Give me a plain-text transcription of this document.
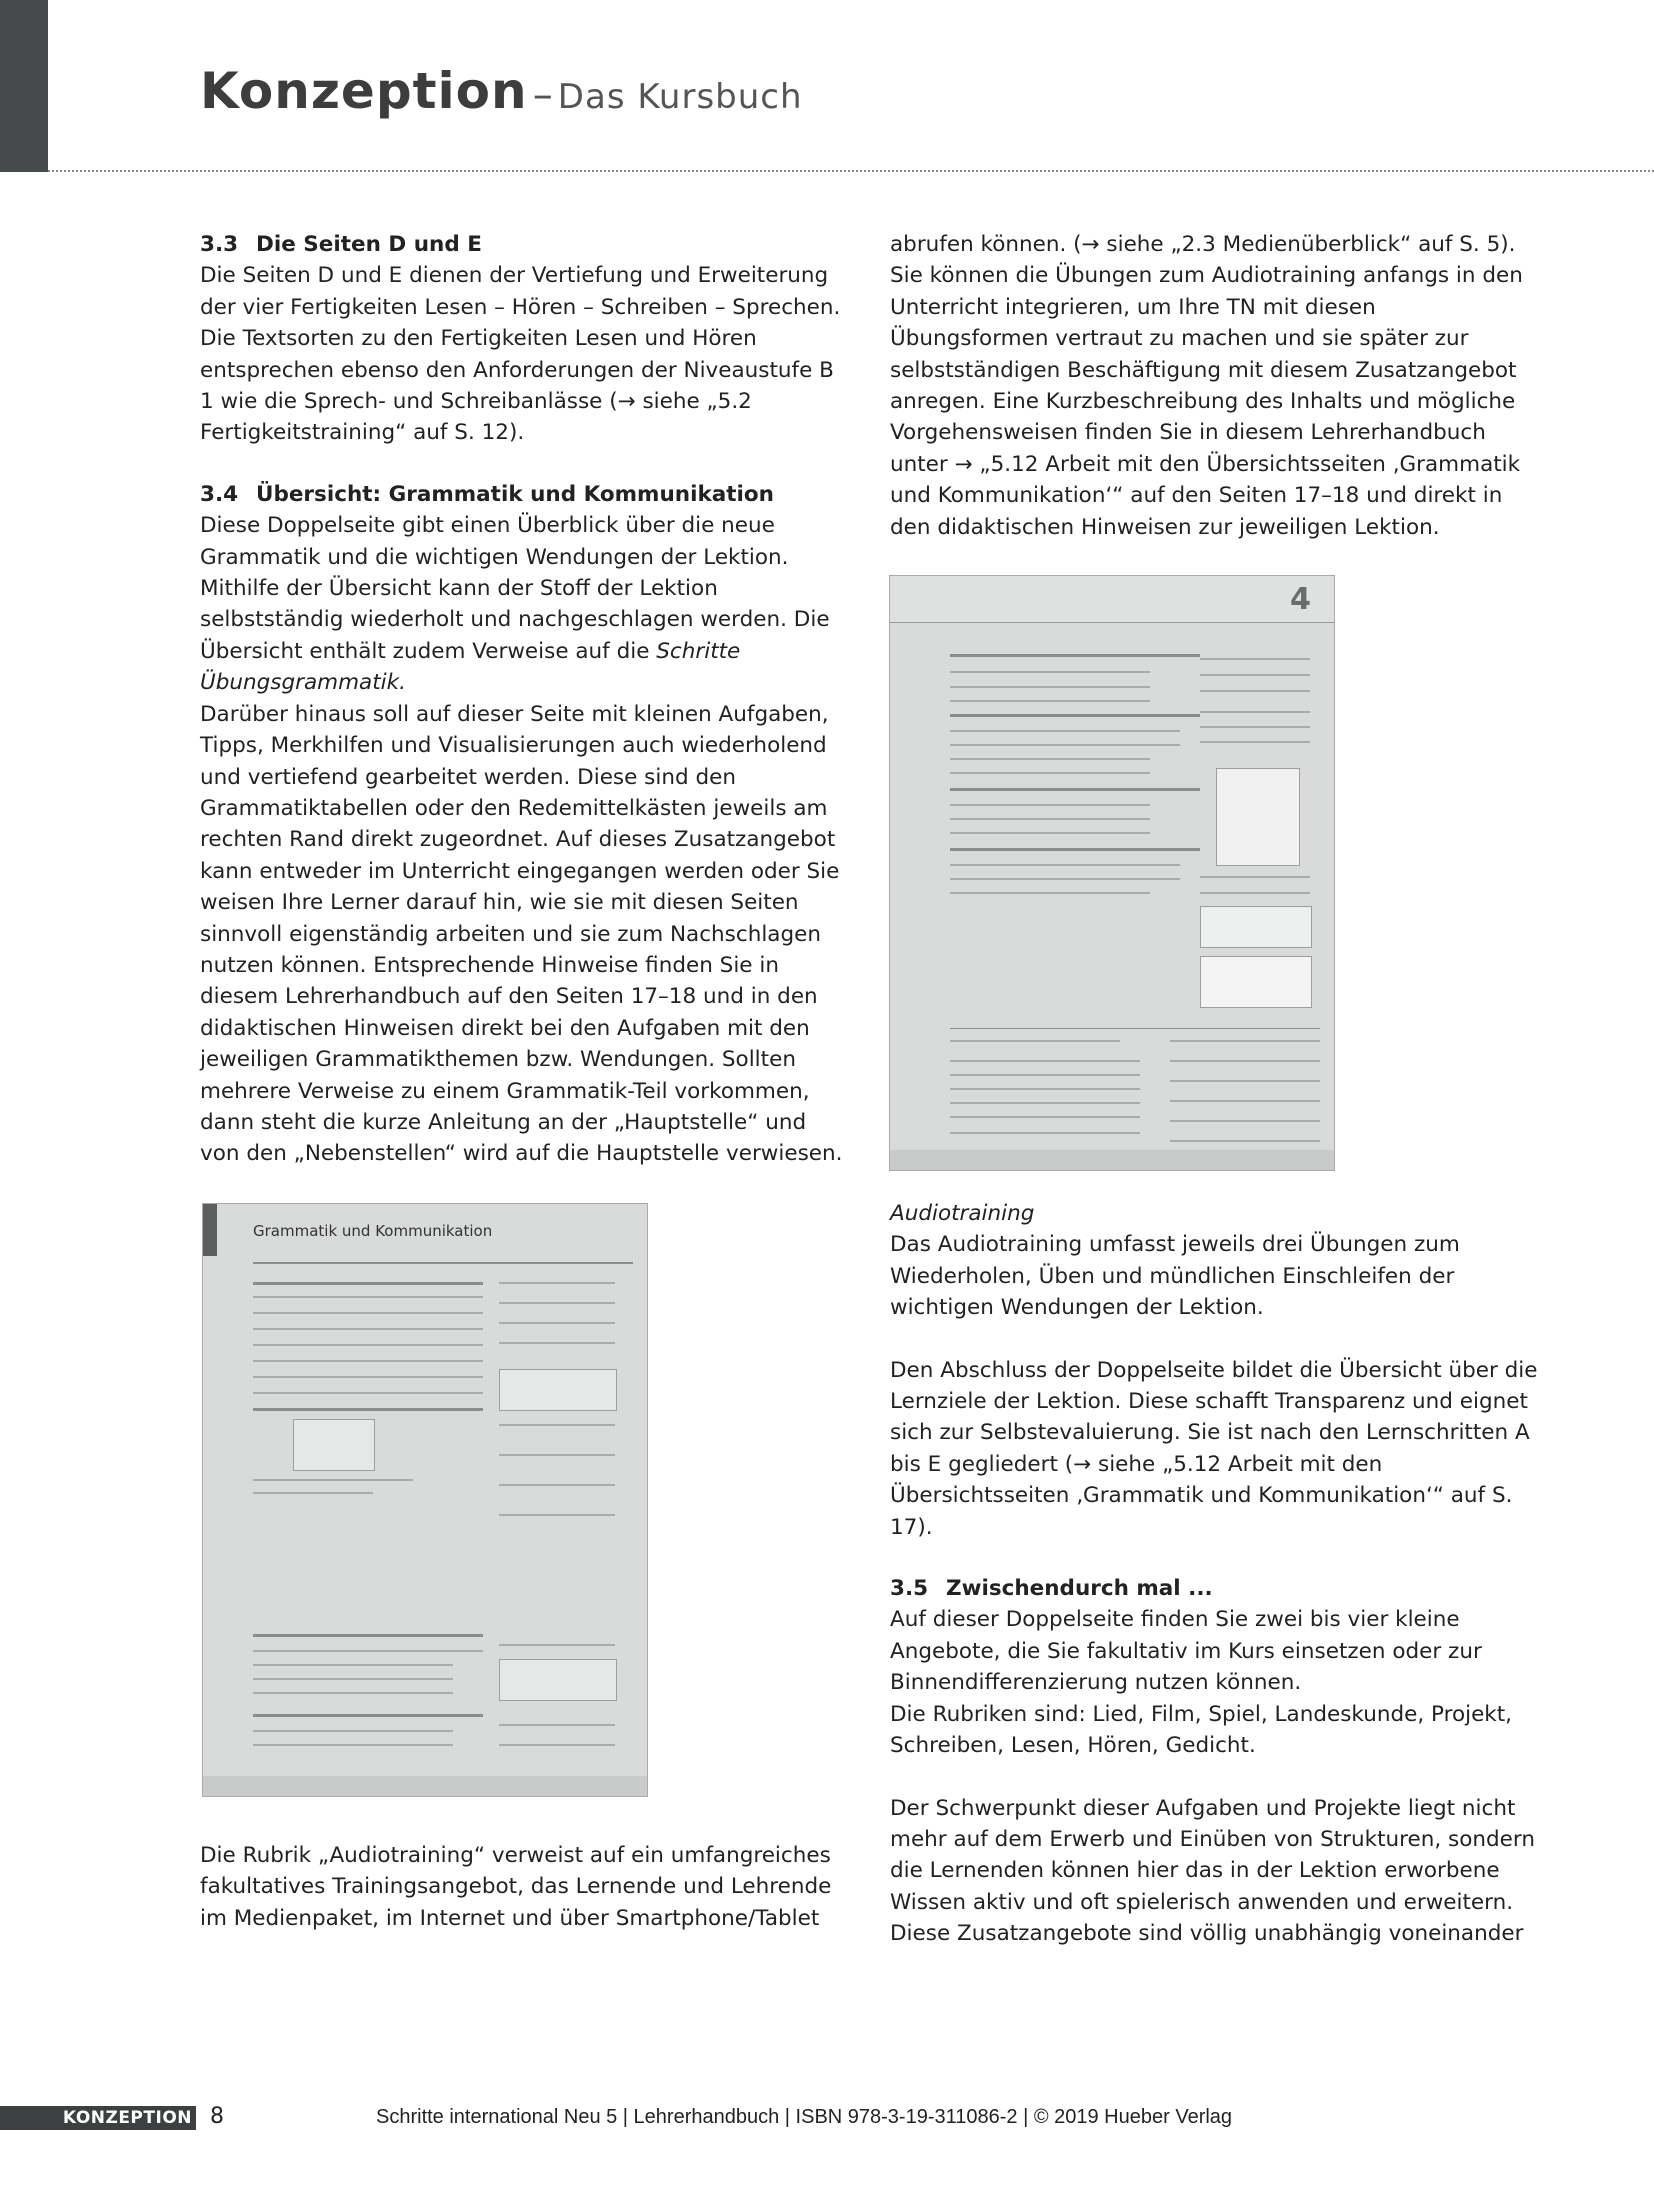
Konzeption – Das Kursbuch
3.3 Die Seiten D und E

Die Seiten D und E dienen der Vertiefung und Erweiterung der vier Fertigkeiten Lesen – Hören – Schreiben – Sprechen. Die Textsorten zu den Fertigkeiten Lesen und Hören entsprechen ebenso den Anforderungen der Niveaustufe B 1 wie die Sprech- und Schreibanlässe (→ siehe „5.2 Fertigkeitstraining“ auf S. 12).

3.4 Übersicht: Grammatik und Kommunikation

Diese Doppelseite gibt einen Überblick über die neue Grammatik und die wichtigen Wendungen der Lektion. Mithilfe der Übersicht kann der Stoff der Lektion selbstständig wiederholt und nachgeschlagen werden. Die Übersicht enthält zudem Verweise auf die Schritte Übungsgrammatik.

Darüber hinaus soll auf dieser Seite mit kleinen Aufgaben, Tipps, Merkhilfen und Visualisierungen auch wiederholend und vertiefend gearbeitet werden. Diese sind den Grammatiktabellen oder den Redemittelkästen jeweils am rechten Rand direkt zugeordnet. Auf dieses Zusatzangebot kann entweder im Unterricht eingegangen werden oder Sie weisen Ihre Lerner darauf hin, wie sie mit diesen Seiten sinnvoll eigenständig arbeiten und sie zum Nachschlagen nutzen können. Entsprechende Hinweise finden Sie in diesem Lehrerhandbuch auf den Seiten 17–18 und in den didaktischen Hinweisen direkt bei den Aufgaben mit den jeweiligen Grammatikthemen bzw. Wendungen. Sollten mehrere Verweise zu einem Grammatik-Teil vorkommen, dann steht die kurze Anleitung an der „Hauptstelle“ und von den „Nebenstellen“ wird auf die Hauptstelle verwiesen.

Grammatik und Kommunikation

Die Rubrik „Audiotraining“ verweist auf ein umfangreiches fakultatives Trainingsangebot, das Lernende und Lehrende im Medienpaket, im Internet und über Smartphone/Tablet

abrufen können. (→ siehe „2.3 Medienüberblick“ auf S. 5). Sie können die Übungen zum Audiotraining anfangs in den Unterricht integrieren, um Ihre TN mit diesen Übungsformen vertraut zu machen und sie später zur selbstständigen Beschäftigung mit diesem Zusatzangebot anregen. Eine Kurzbeschreibung des Inhalts und mögliche Vorgehensweisen finden Sie in diesem Lehrerhandbuch unter → „5.12 Arbeit mit den Übersichtsseiten ‚Grammatik und Kommunikation‘“ auf den Seiten 17–18 und direkt in den didaktischen Hinweisen zur jeweiligen Lektion.

4

Audiotraining

Das Audiotraining umfasst jeweils drei Übungen zum Wiederholen, Üben und mündlichen Einschleifen der wichtigen Wendungen der Lektion.

Den Abschluss der Doppelseite bildet die Übersicht über die Lernziele der Lektion. Diese schafft Transparenz und eignet sich zur Selbstevaluierung. Sie ist nach den Lernschritten A bis E gegliedert (→ siehe „5.12 Arbeit mit den Übersichtsseiten ‚Grammatik und Kommunikation‘“ auf S. 17).

3.5 Zwischendurch mal ...

Auf dieser Doppelseite finden Sie zwei bis vier kleine Angebote, die Sie fakultativ im Kurs einsetzen oder zur Binnendifferenzierung nutzen können.

Die Rubriken sind: Lied, Film, Spiel, Landeskunde, Projekt, Schreiben, Lesen, Hören, Gedicht.

Der Schwerpunkt dieser Aufgaben und Projekte liegt nicht mehr auf dem Erwerb und Einüben von Strukturen, sondern die Lernenden können hier das in der Lektion erworbene Wissen aktiv und oft spielerisch anwenden und erweitern. Diese Zusatzangebote sind völlig unabhängig voneinander

KONZEPTION 8	Schritte international Neu 5 | Lehrerhandbuch | ISBN 978-3-19-311086-2 | © 2019 Hueber Verlag
